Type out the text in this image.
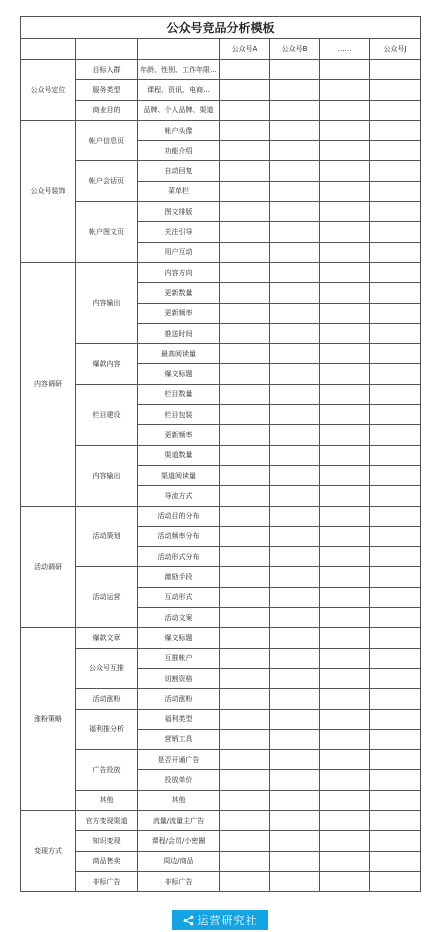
公众号竞品分析模板						
			公众号A	公众号B	……	公众号J
公众号定位	目标人群	年龄、性别、工作年限...				
	服务类型	课程、资讯、电商...				
	商业目的	品牌、个人品牌、渠道				
公众号装饰	帐户信息页	帐户头像				
		功能介绍				
	帐户会话页	自动回复				
		菜单栏				
	帐户图文页	图文排版				
		关注引导				
		用户互动				
内容调研	内容输出	内容方向				
		更新数量				
		更新频率				
		推送时间				
	爆款内容	最高阅读量				
		爆文标题				
	栏目建设	栏目数量				
		栏目包装				
		更新频率				
	内容输出	渠道数量				
		渠道阅读量				
		导流方式				
活动调研	活动策划	活动目的分布				
		活动频率分布				
		活动形式分布				
	活动运营	激励手段				
		互动形式				
		活动文案				
涨粉策略	爆款文章	爆文标题				
	公众号互推	互推帐户				
		切割资格				
	活动涨粉	活动涨粉				
	福利推分析	福利类型				
		营销工具				
	广告投放	是否开通广告				
		投放单价				
	其他	其他				
变现方式	官方变现渠道	流量/流量主广告				
	知识变现	课程/会员/小密圈				
	商品售卖	周边/商品				
	非标广告	非标广告				
运营研究社
